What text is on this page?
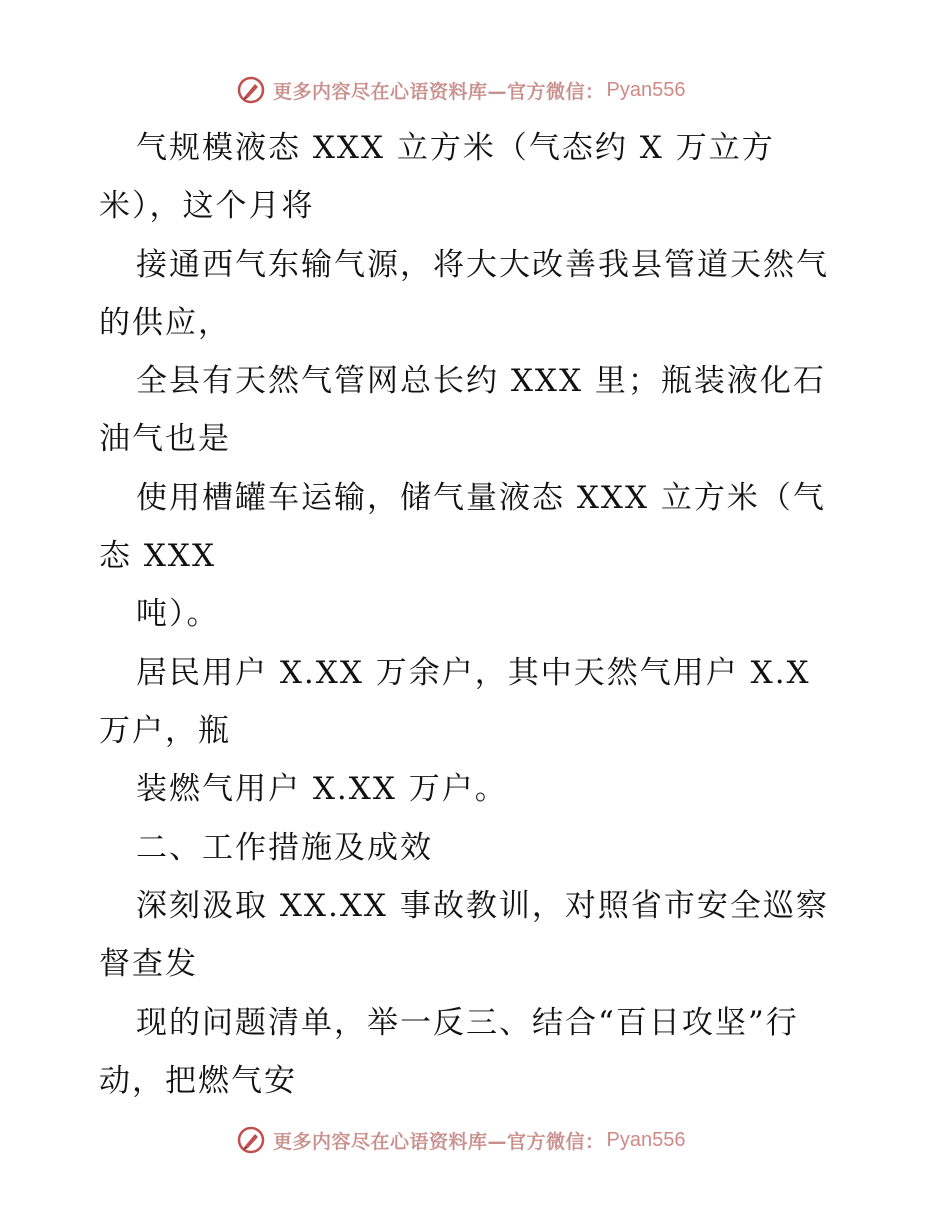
更多内容尽在心语资料库—官方微信： Pyan556
气规模液态 XXX 立方米（气态约 X 万立方
米），这个月将
接通西气东输气源，将大大改善我县管道天然气
的供应，
全县有天然气管网总长约 XXX 里；瓶装液化石
油气也是
使用槽罐车运输，储气量液态 XXX 立方米（气
态 XXX
吨）。
居民用户 X.XX 万余户，其中天然气用户 X.X
万户，瓶
装燃气用户 X.XX 万户。
二、工作措施及成效
深刻汲取 XX.XX 事故教训，对照省市安全巡察
督查发
现的问题清单，举一反三、结合“百日攻坚”行
动，把燃气安
更多内容尽在心语资料库—官方微信： Pyan556
